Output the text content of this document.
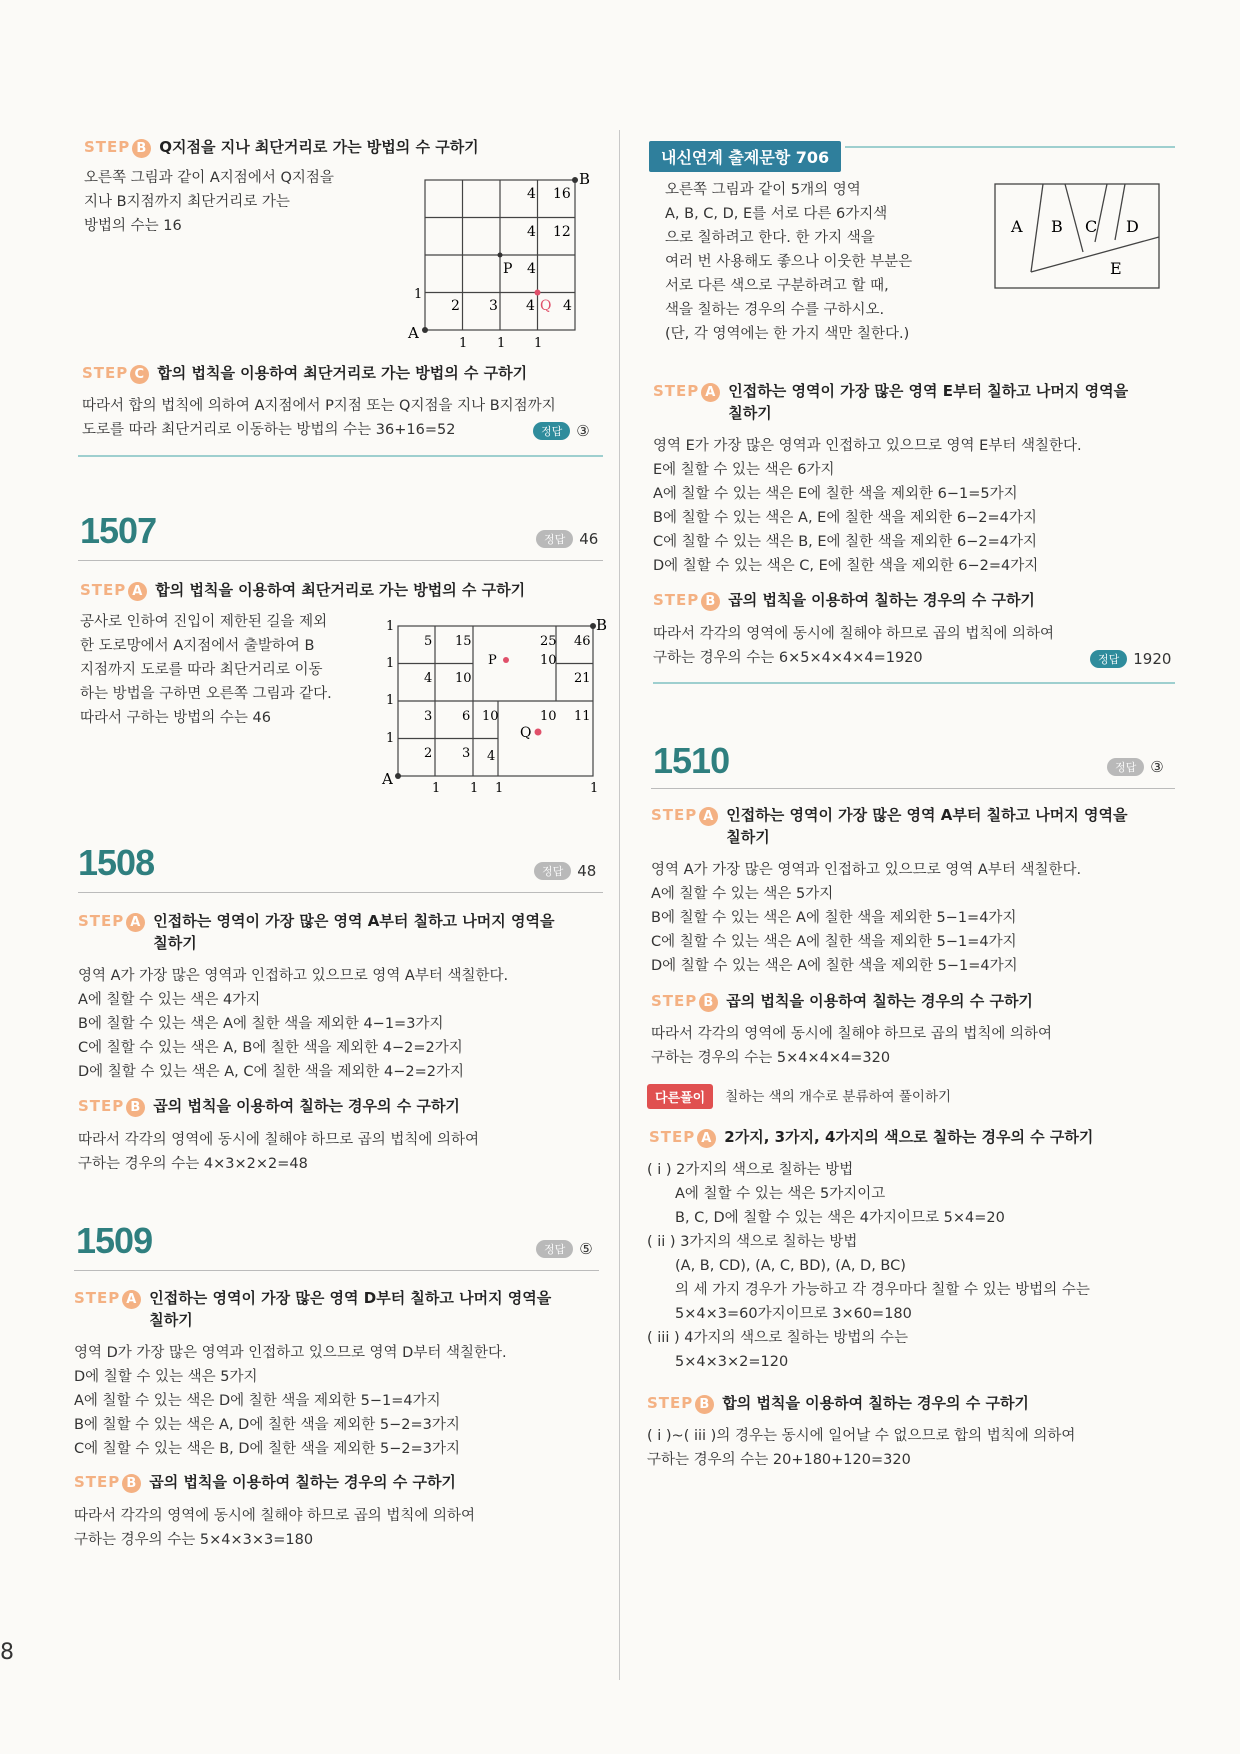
STEP B Q지점을 지나 최단거리로 가는 방법의 수 구하기
오른쪽 그림과 같이 A지점에서 Q지점을
지나 B지점까지 최단거리로 가는
방법의 수는 16
B
A
4 16
4 12
P 4
1
2 3 4 Q 4
1 1 1
STEP C 합의 법칙을 이용하여 최단거리로 가는 방법의 수 구하기
따라서 합의 법칙에 의하여 A지점에서 P지점 또는 Q지점을 지나 B지점까지
도로를 따라 최단거리로 이동하는 방법의 수는 36+16=52	정답 ③
1507	정답 46
STEP A 합의 법칙을 이용하여 최단거리로 가는 방법의 수 구하기
공사로 인하여 진입이 제한된 길을 제외
한 도로망에서 A지점에서 출발하여 B
지점까지 도로를 따라 최단거리로 이동
하는 방법을 구하면 오른쪽 그림과 같다.
따라서 구하는 방법의 수는 46
B
A
P
Q
1
1
1
1
5 15	25 46
4 10
10
21
3 6 10	10 11
2 3 4
1 1 1	1
1508	정답 48
STEP A 인접하는 영역이 가장 많은 영역 A부터 칠하고 나머지 영역을
칠하기
영역 A가 가장 많은 영역과 인접하고 있으므로 영역 A부터 색칠한다.
A에 칠할 수 있는 색은 4가지
B에 칠할 수 있는 색은 A에 칠한 색을 제외한 4−1=3가지
C에 칠할 수 있는 색은 A, B에 칠한 색을 제외한 4−2=2가지
D에 칠할 수 있는 색은 A, C에 칠한 색을 제외한 4−2=2가지
STEP B 곱의 법칙을 이용하여 칠하는 경우의 수 구하기
따라서 각각의 영역에 동시에 칠해야 하므로 곱의 법칙에 의하여
구하는 경우의 수는 4×3×2×2=48
1509	정답 ⑤
STEP A 인접하는 영역이 가장 많은 영역 D부터 칠하고 나머지 영역을
칠하기
영역 D가 가장 많은 영역과 인접하고 있으므로 영역 D부터 색칠한다.
D에 칠할 수 있는 색은 5가지
A에 칠할 수 있는 색은 D에 칠한 색을 제외한 5−1=4가지
B에 칠할 수 있는 색은 A, D에 칠한 색을 제외한 5−2=3가지
C에 칠할 수 있는 색은 B, D에 칠한 색을 제외한 5−2=3가지
STEP B 곱의 법칙을 이용하여 칠하는 경우의 수 구하기
따라서 각각의 영역에 동시에 칠해야 하므로 곱의 법칙에 의하여
구하는 경우의 수는 5×4×3×3=180
내신연계 출제문항 706
오른쪽 그림과 같이 5개의 영역
A, B, C, D, E를 서로 다른 6가지색
으로 칠하려고 한다. 한 가지 색을
여러 번 사용해도 좋으나 이웃한 부분은
서로 다른 색으로 구분하려고 할 때,
색을 칠하는 경우의 수를 구하시오.
(단, 각 영역에는 한 가지 색만 칠한다.)
A B C D
E
STEP A 인접하는 영역이 가장 많은 영역 E부터 칠하고 나머지 영역을
칠하기
영역 E가 가장 많은 영역과 인접하고 있으므로 영역 E부터 색칠한다.
E에 칠할 수 있는 색은 6가지
A에 칠할 수 있는 색은 E에 칠한 색을 제외한 6−1=5가지
B에 칠할 수 있는 색은 A, E에 칠한 색을 제외한 6−2=4가지
C에 칠할 수 있는 색은 B, E에 칠한 색을 제외한 6−2=4가지
D에 칠할 수 있는 색은 C, E에 칠한 색을 제외한 6−2=4가지
STEP B 곱의 법칙을 이용하여 칠하는 경우의 수 구하기
따라서 각각의 영역에 동시에 칠해야 하므로 곱의 법칙에 의하여
구하는 경우의 수는 6×5×4×4×4=1920	정답 1920
1510	정답 ③
STEP A 인접하는 영역이 가장 많은 영역 A부터 칠하고 나머지 영역을
칠하기
영역 A가 가장 많은 영역과 인접하고 있으므로 영역 A부터 색칠한다.
A에 칠할 수 있는 색은 5가지
B에 칠할 수 있는 색은 A에 칠한 색을 제외한 5−1=4가지
C에 칠할 수 있는 색은 A에 칠한 색을 제외한 5−1=4가지
D에 칠할 수 있는 색은 A에 칠한 색을 제외한 5−1=4가지
STEP B 곱의 법칙을 이용하여 칠하는 경우의 수 구하기
따라서 각각의 영역에 동시에 칠해야 하므로 곱의 법칙에 의하여
구하는 경우의 수는 5×4×4×4=320
다른풀이	칠하는 색의 개수로 분류하여 풀이하기
STEP A 2가지, 3가지, 4가지의 색으로 칠하는 경우의 수 구하기
( i ) 2가지의 색으로 칠하는 방법
A에 칠할 수 있는 색은 5가지이고
B, C, D에 칠할 수 있는 색은 4가지이므로 5×4=20
( ii ) 3가지의 색으로 칠하는 방법
(A, B, CD), (A, C, BD), (A, D, BC)
의 세 가지 경우가 가능하고 각 경우마다 칠할 수 있는 방법의 수는
5×4×3=60가지이므로 3×60=180
( iii ) 4가지의 색으로 칠하는 방법의 수는
5×4×3×2=120
STEP B 합의 법칙을 이용하여 칠하는 경우의 수 구하기
( i )~( iii )의 경우는 동시에 일어날 수 없으므로 합의 법칙에 의하여
구하는 경우의 수는 20+180+120=320
8
